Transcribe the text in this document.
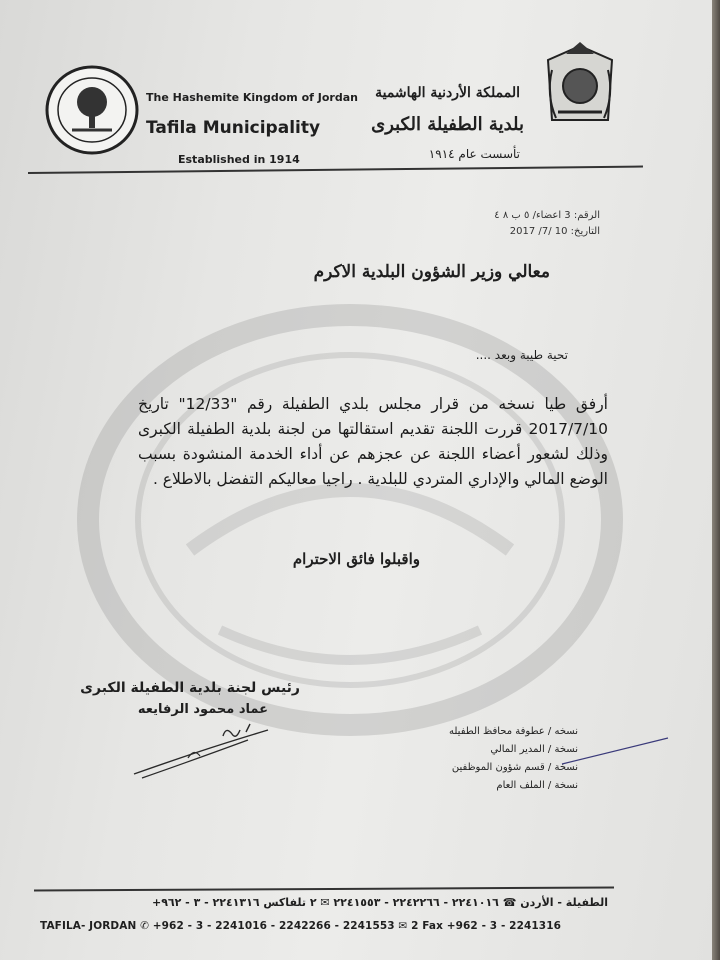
The Hashemite Kingdom of Jordan
Tafila Municipality
Established in 1914
المملكة الأردنية الهاشمية
بلدية الطفيلة الكبرى
تأسست عام ١٩١٤
الرقم: 3 اعضاء/ ٥ ب ٨ ٤
التاريخ: 10 /7/ 2017
معالي وزير الشؤون البلدية الاكرم
تحية طيبة وبعد ....
أرفق طيا نسخه من قرار مجلس بلدي الطفيلة رقم "12/33" تاريخ 2017/7/10 قررت اللجنة تقديم استقالتها من لجنة بلدية الطفيلة الكبرى وذلك لشعور أعضاء اللجنة عن عجزهم عن أداء الخدمة المنشودة بسبب الوضع المالي والإداري المتردي للبلدية . راجيا معاليكم التفضل بالاطلاع .
واقبلوا فائق الاحترام
رئيس لجنة بلدية الطفيلة الكبرى
عماد محمود الرفايعه
نسخه / عطوفة محافظ الطفيله
نسخة / المدير المالي
نسخة / قسم شؤون الموظفين
نسخة / الملف العام
الطفيلة - الأردن ☎ ٢٢٤١٠١٦ - ٢٢٤٢٢٦٦ - ٢٢٤١٥٥٣ ✉ ٢ تلفاكس ٢٢٤١٣١٦ - ٣ - ٩٦٢+
TAFILA- JORDAN ✆ +962 - 3 - 2241016 - 2242266 - 2241553 ✉ 2 Fax +962 - 3 - 2241316
